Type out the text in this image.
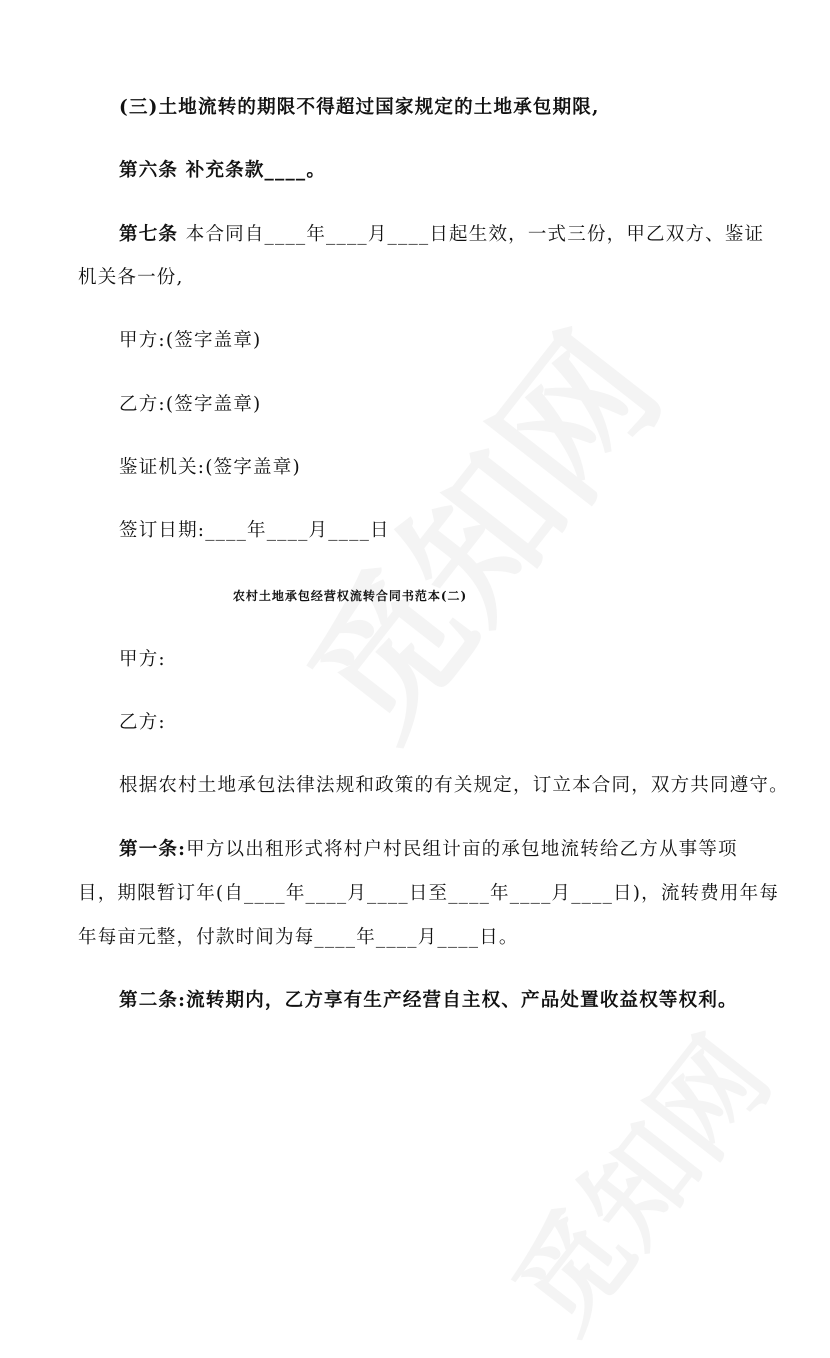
(三)土地流转的期限不得超过国家规定的土地承包期限,
第六条 补充条款____。
第七条 本合同自____年____月____日起生效，一式三份，甲乙双方、鉴证
机关各一份,
甲方:(签字盖章)
乙方:(签字盖章)
鉴证机关:(签字盖章)
签订日期:____年____月____日
农村土地承包经营权流转合同书范本(二)
甲方:
乙方:
根据农村土地承包法律法规和政策的有关规定，订立本合同，双方共同遵守。
第一条:甲方以出租形式将村户村民组计亩的承包地流转给乙方从事等项
目，期限暂订年(自____年____月____日至____年____月____日)，流转费用年每
年每亩元整，付款时间为每____年____月____日。
第二条:流转期内，乙方享有生产经营自主权、产品处置收益权等权利。
